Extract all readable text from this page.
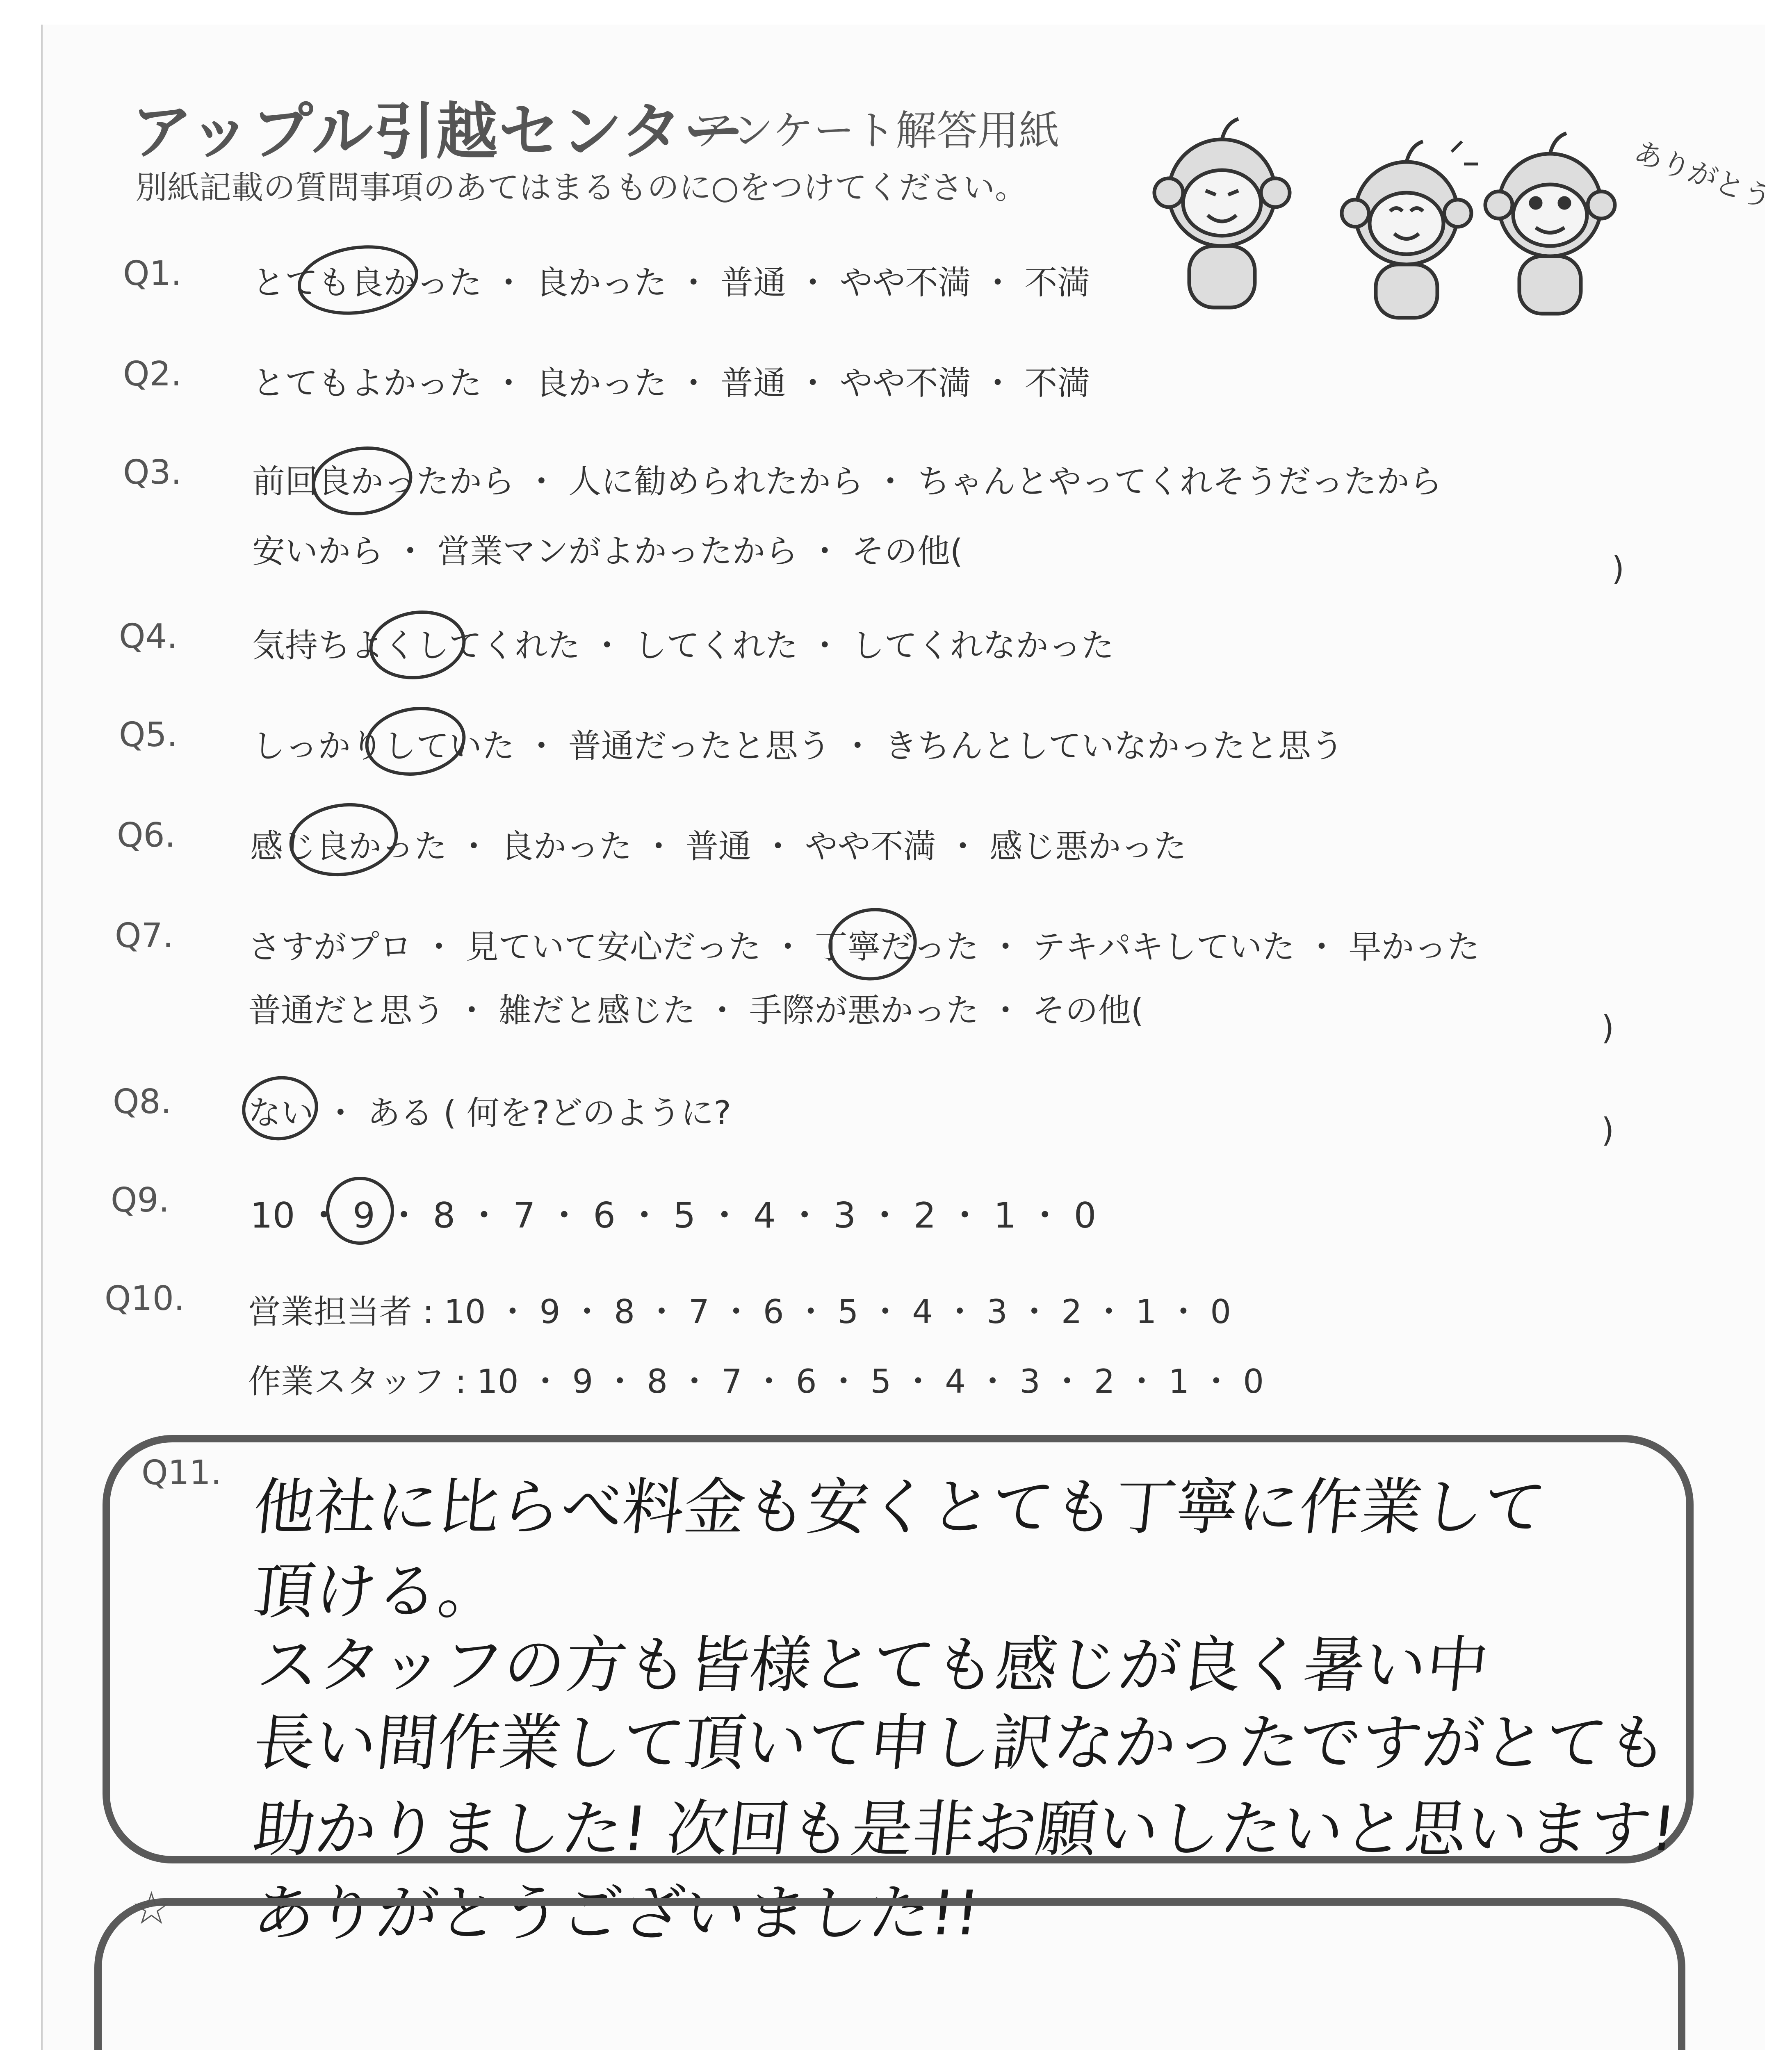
アップル引越センター
アンケート解答用紙
別紙記載の質問事項のあてはまるものに○をつけてください。	ありがとう
Q1. とても良かった ・ 良かった ・ 普通 ・ やや不満 ・ 不満
Q2. とてもよかった ・ 良かった ・ 普通 ・ やや不満 ・ 不満
Q3. 前回良かったから ・ 人に勧められたから ・ ちゃんとやってくれそうだったから
安いから ・ 営業マンがよかったから ・ その他(	)
Q4. 気持ちよくしてくれた ・ してくれた ・ してくれなかった
Q5. しっかりしていた ・ 普通だったと思う ・ きちんとしていなかったと思う
Q6. 感じ良かった ・ 良かった ・ 普通 ・ やや不満 ・ 感じ悪かった
Q7. さすがプロ ・ 見ていて安心だった ・ 丁寧だった ・ テキパキしていた ・ 早かった
普通だと思う ・ 雑だと感じた ・ 手際が悪かった ・ その他(	)
Q8. ない ・ ある ( 何を?どのように?	)
Q9. 10 ・ 9 ・ 8 ・ 7 ・ 6 ・ 5 ・ 4 ・ 3 ・ 2 ・ 1 ・ 0
Q10. 営業担当者 : 10 ・ 9 ・ 8 ・ 7 ・ 6 ・ 5 ・ 4 ・ 3 ・ 2 ・ 1 ・ 0
作業スタッフ : 10 ・ 9 ・ 8 ・ 7 ・ 6 ・ 5 ・ 4 ・ 3 ・ 2 ・ 1 ・ 0
Q11. 他社に比らべ料金も安くとても丁寧に作業して
頂ける。
スタッフの方も皆様とても感じが良く暑い中
長い間作業して頂いて申し訳なかったですがとても
助かりました! 次回も是非お願いしたいと思います!
ありがとうございました!!
☆
